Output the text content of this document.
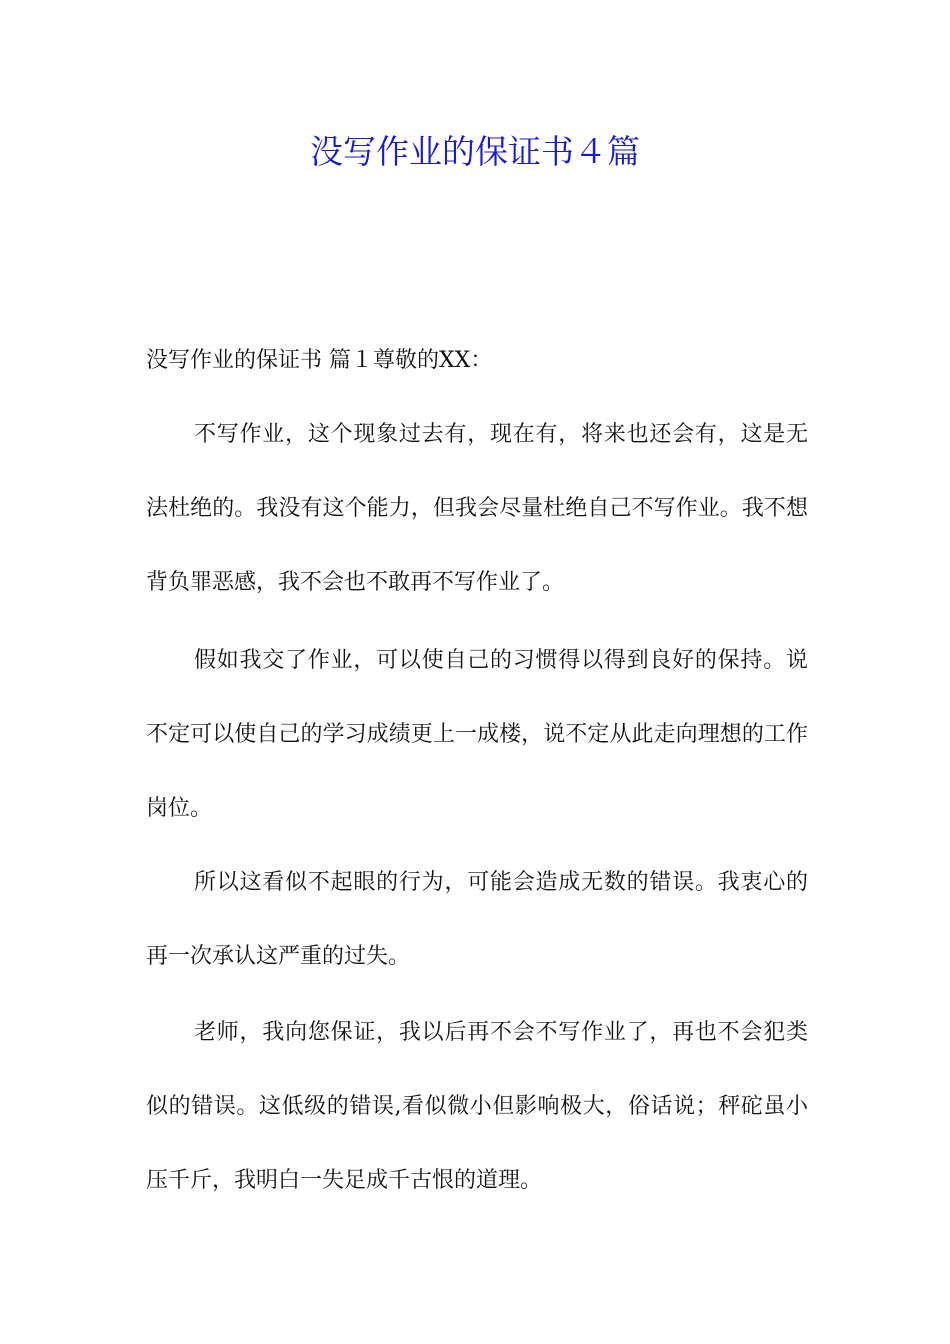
没写作业的保证书４篇

没写作业的保证书 篇１尊敬的XX：

不写作业，这个现象过去有，现在有，将来也还会有，这是无法杜绝的。我没有这个能力，但我会尽量杜绝自己不写作业。我不想背负罪恶感，我不会也不敢再不写作业了。

假如我交了作业，可以使自己的习惯得以得到良好的保持。说不定可以使自己的学习成绩更上一成楼，说不定从此走向理想的工作岗位。

所以这看似不起眼的行为，可能会造成无数的错误。我衷心的再一次承认这严重的过失。

老师，我向您保证，我以后再不会不写作业了，再也不会犯类似的错误。这低级的错误,看似微小但影响极大，俗话说；秤砣虽小压千斤，我明白一失足成千古恨的道理。
